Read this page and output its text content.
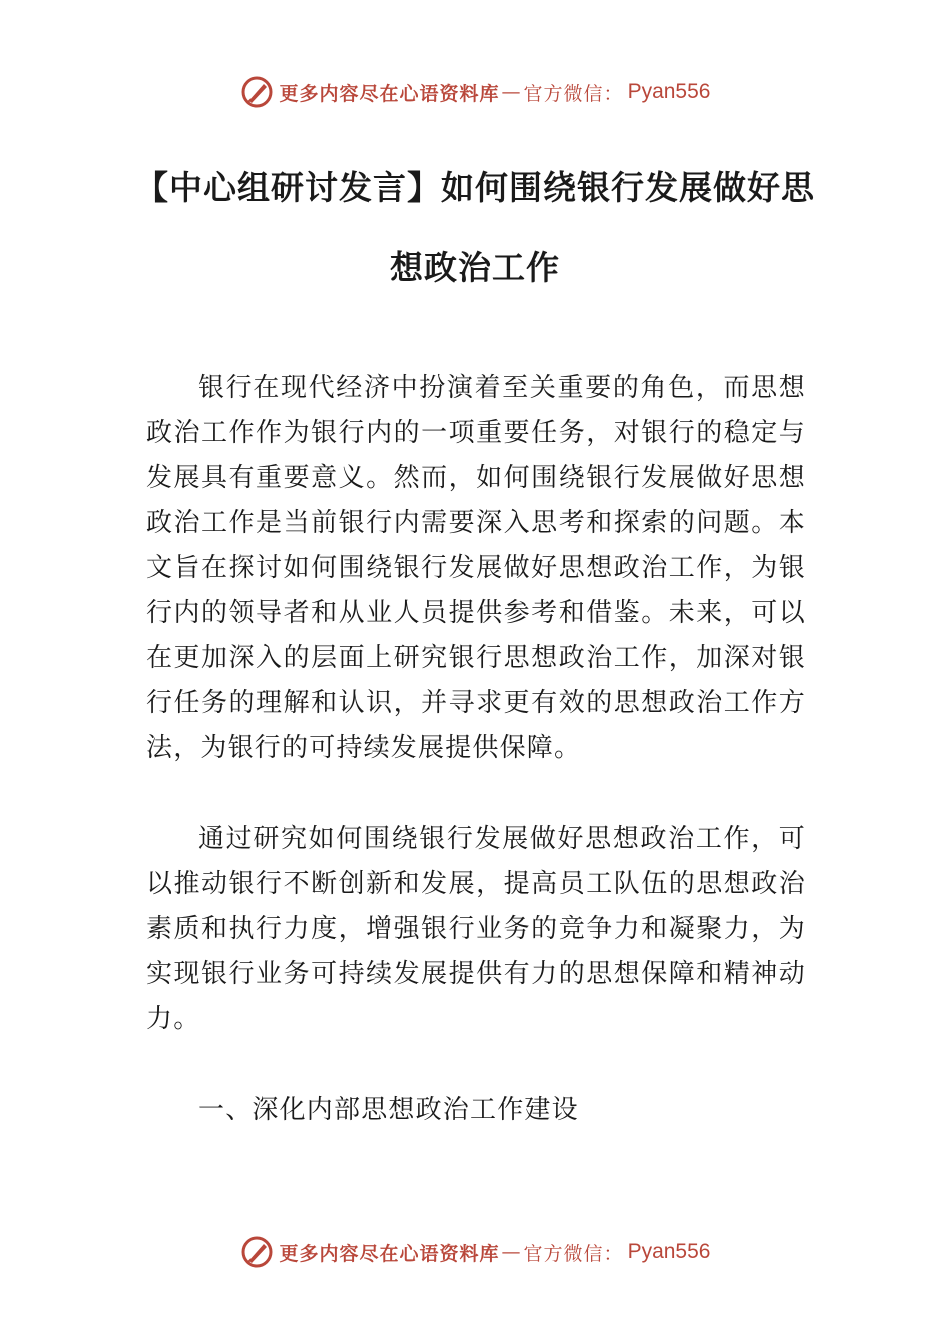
更多内容尽在心语资料库 — 官方微信： Pyan556
【中心组研讨发言】如何围绕银行发展做好思想政治工作

银行在现代经济中扮演着至关重要的角色，而思想政治工作作为银行内的一项重要任务，对银行的稳定与发展具有重要意义。然而，如何围绕银行发展做好思想政治工作是当前银行内需要深入思考和探索的问题。本文旨在探讨如何围绕银行发展做好思想政治工作，为银行内的领导者和从业人员提供参考和借鉴。未来，可以在更加深入的层面上研究银行思想政治工作，加深对银行任务的理解和认识，并寻求更有效的思想政治工作方法，为银行的可持续发展提供保障。

通过研究如何围绕银行发展做好思想政治工作，可以推动银行不断创新和发展，提高员工队伍的思想政治素质和执行力度，增强银行业务的竞争力和凝聚力，为实现银行业务可持续发展提供有力的思想保障和精神动力。

一、深化内部思想政治工作建设
更多内容尽在心语资料库 — 官方微信： Pyan556
